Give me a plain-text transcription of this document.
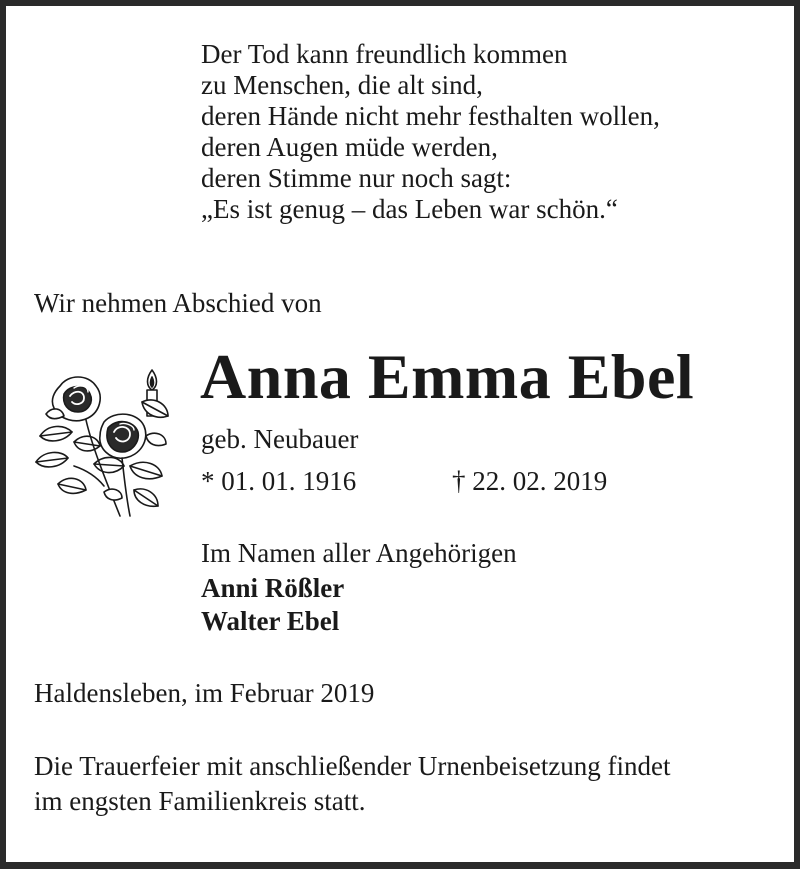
Der Tod kann freundlich kommen
zu Menschen, die alt sind,
deren Hände nicht mehr festhalten wollen,
deren Augen müde werden,
deren Stimme nur noch sagt:
„Es ist genug – das Leben war schön.“
Wir nehmen Abschied von
Anna Emma Ebel
geb. Neubauer
* 01. 01. 1916	† 22. 02. 2019
Im Namen aller Angehörigen
Anni Rößler
Walter Ebel
Haldensleben, im Februar 2019
Die Trauerfeier mit anschließender Urnenbeisetzung findet
im engsten Familienkreis statt.
